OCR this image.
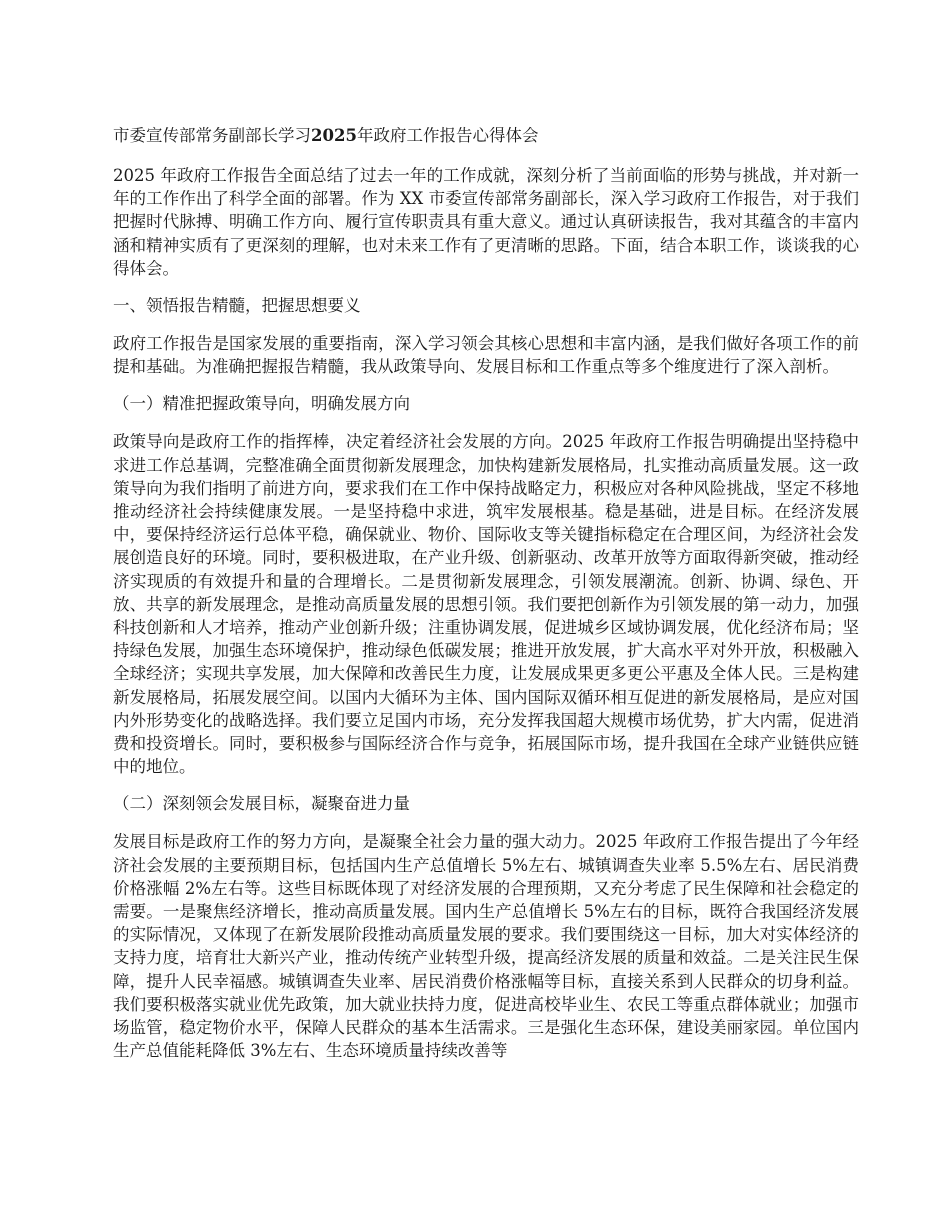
市委宣传部常务副部长学习2025年政府工作报告心得体会

2025 年政府工作报告全面总结了过去一年的工作成就，深刻分析了当前面临的形势与挑战，并对新一年的工作作出了科学全面的部署。作为 XX 市委宣传部常务副部长，深入学习政府工作报告，对于我们把握时代脉搏、明确工作方向、履行宣传职责具有重大意义。通过认真研读报告，我对其蕴含的丰富内涵和精神实质有了更深刻的理解，也对未来工作有了更清晰的思路。下面，结合本职工作，谈谈我的心得体会。

一、领悟报告精髓，把握思想要义

政府工作报告是国家发展的重要指南，深入学习领会其核心思想和丰富内涵，是我们做好各项工作的前提和基础。为准确把握报告精髓，我从政策导向、发展目标和工作重点等多个维度进行了深入剖析。

（一）精准把握政策导向，明确发展方向

政策导向是政府工作的指挥棒，决定着经济社会发展的方向。2025 年政府工作报告明确提出坚持稳中求进工作总基调，完整准确全面贯彻新发展理念，加快构建新发展格局，扎实推动高质量发展。这一政策导向为我们指明了前进方向，要求我们在工作中保持战略定力，积极应对各种风险挑战，坚定不移地推动经济社会持续健康发展。一是坚持稳中求进，筑牢发展根基。稳是基础，进是目标。在经济发展中，要保持经济运行总体平稳，确保就业、物价、国际收支等关键指标稳定在合理区间，为经济社会发展创造良好的环境。同时，要积极进取，在产业升级、创新驱动、改革开放等方面取得新突破，推动经济实现质的有效提升和量的合理增长。二是贯彻新发展理念，引领发展潮流。创新、协调、绿色、开放、共享的新发展理念，是推动高质量发展的思想引领。我们要把创新作为引领发展的第一动力，加强科技创新和人才培养，推动产业创新升级；注重协调发展，促进城乡区域协调发展，优化经济布局；坚持绿色发展，加强生态环境保护，推动绿色低碳发展；推进开放发展，扩大高水平对外开放，积极融入全球经济；实现共享发展，加大保障和改善民生力度，让发展成果更多更公平惠及全体人民。三是构建新发展格局，拓展发展空间。以国内大循环为主体、国内国际双循环相互促进的新发展格局，是应对国内外形势变化的战略选择。我们要立足国内市场，充分发挥我国超大规模市场优势，扩大内需，促进消费和投资增长。同时，要积极参与国际经济合作与竞争，拓展国际市场，提升我国在全球产业链供应链中的地位。

（二）深刻领会发展目标，凝聚奋进力量

发展目标是政府工作的努力方向，是凝聚全社会力量的强大动力。2025 年政府工作报告提出了今年经济社会发展的主要预期目标，包括国内生产总值增长 5%左右、城镇调查失业率 5.5%左右、居民消费价格涨幅 2%左右等。这些目标既体现了对经济发展的合理预期，又充分考虑了民生保障和社会稳定的需要。一是聚焦经济增长，推动高质量发展。国内生产总值增长 5%左右的目标，既符合我国经济发展的实际情况，又体现了在新发展阶段推动高质量发展的要求。我们要围绕这一目标，加大对实体经济的支持力度，培育壮大新兴产业，推动传统产业转型升级，提高经济发展的质量和效益。二是关注民生保障，提升人民幸福感。城镇调查失业率、居民消费价格涨幅等目标，直接关系到人民群众的切身利益。我们要积极落实就业优先政策，加大就业扶持力度，促进高校毕业生、农民工等重点群体就业；加强市场监管，稳定物价水平，保障人民群众的基本生活需求。三是强化生态环保，建设美丽家园。单位国内生产总值能耗降低 3%左右、生态环境质量持续改善等
